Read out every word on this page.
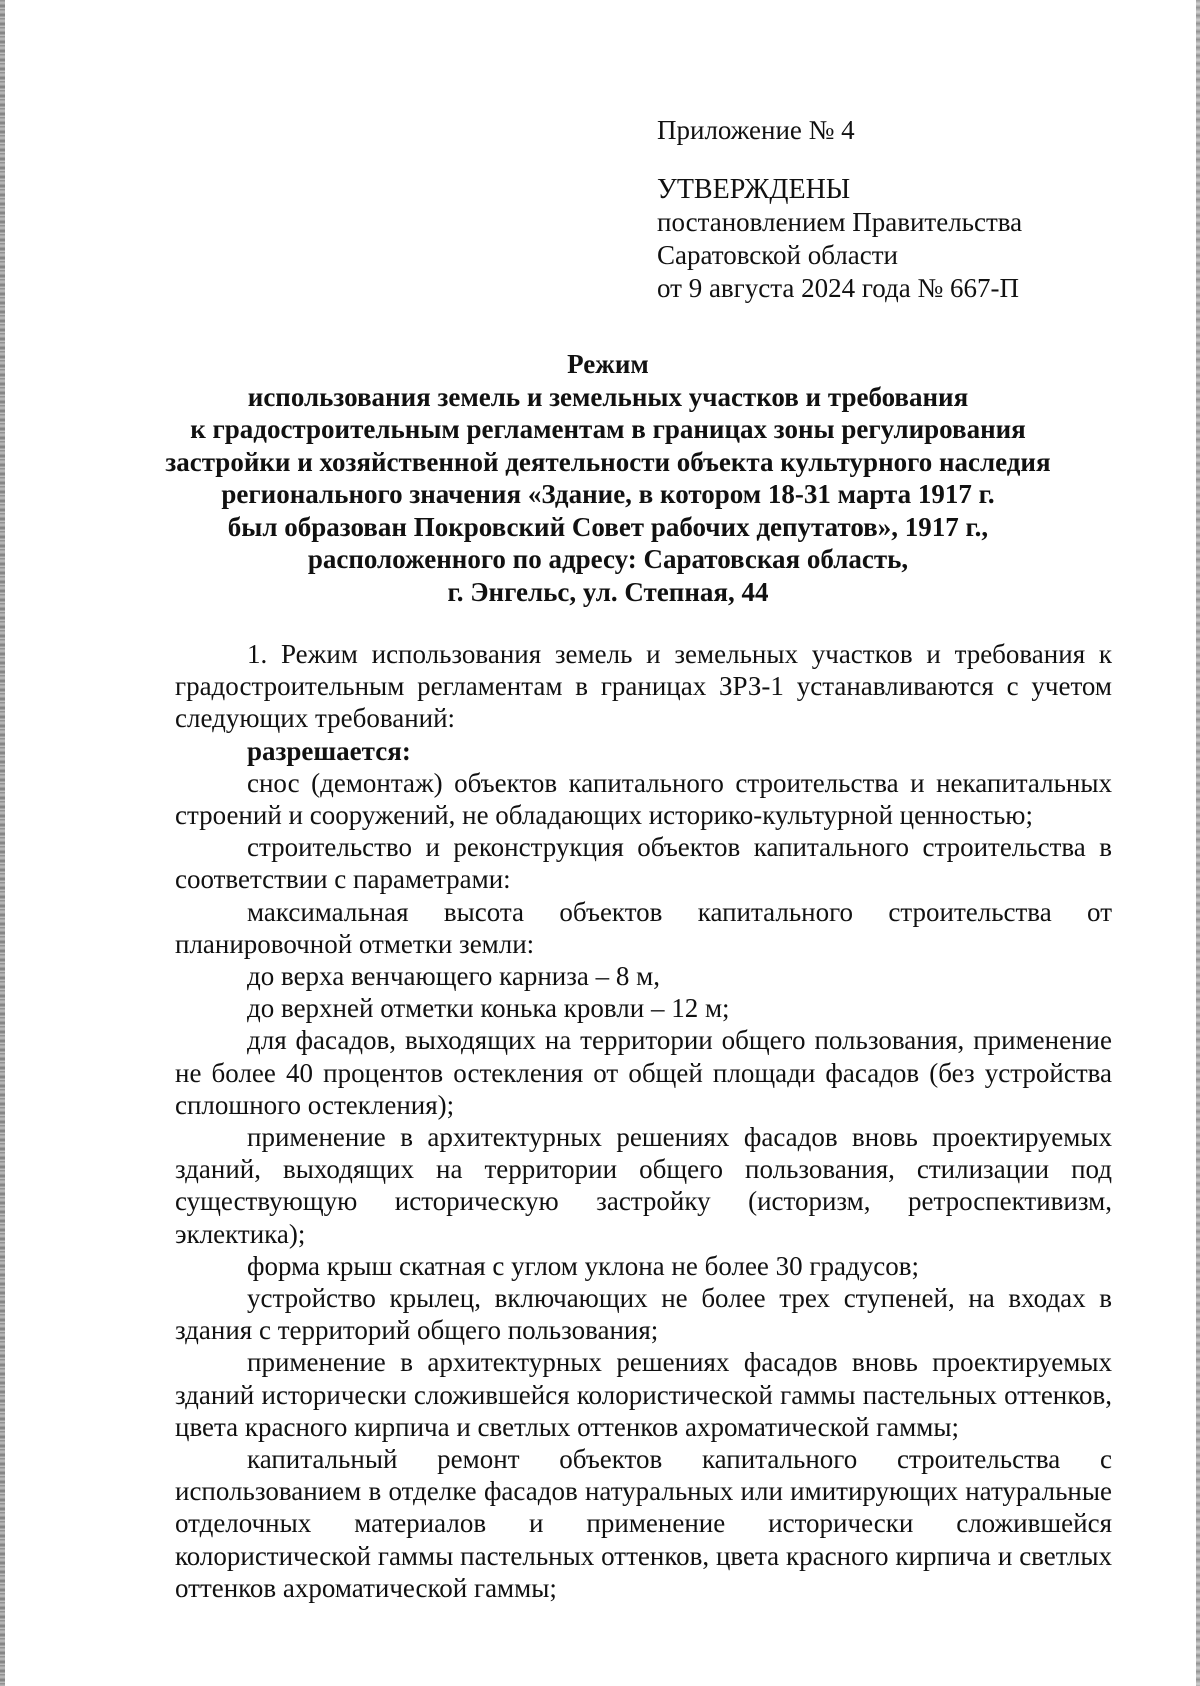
Приложение № 4
УТВЕРЖДЕНЫ
постановлением Правительства
Саратовской области
от 9 августа 2024 года № 667-П
Режим
использования земель и земельных участков и требования
к градостроительным регламентам в границах зоны регулирования
застройки и хозяйственной деятельности объекта культурного наследия
регионального значения «Здание, в котором 18-31 марта 1917 г.
был образован Покровский Совет рабочих депутатов», 1917 г.,
расположенного по адресу: Саратовская область,
г. Энгельс, ул. Степная, 44

1. Режим использования земель и земельных участков и требования к градостроительным регламентам в границах ЗРЗ-1 устанавливаются с учетом следующих требований:

разрешается:

снос (демонтаж) объектов капитального строительства и некапитальных строений и сооружений, не обладающих историко-культурной ценностью;

строительство и реконструкция объектов капитального строительства в соответствии с параметрами:

максимальная высота объектов капитального строительства от планировочной отметки земли:

до верха венчающего карниза – 8 м,

до верхней отметки конька кровли – 12 м;

для фасадов, выходящих на территории общего пользования, применение не более 40 процентов остекления от общей площади фасадов (без устройства сплошного остекления);

применение в архитектурных решениях фасадов вновь проектируемых зданий, выходящих на территории общего пользования, стилизации под существующую историческую застройку (историзм, ретроспективизм, эклектика);

форма крыш скатная с углом уклона не более 30 градусов;

устройство крылец, включающих не более трех ступеней, на входах в здания с территорий общего пользования;

применение в архитектурных решениях фасадов вновь проектируемых зданий исторически сложившейся колористической гаммы пастельных оттенков, цвета красного кирпича и светлых оттенков ахроматической гаммы;

капитальный ремонт объектов капитального строительства с использованием в отделке фасадов натуральных или имитирующих натуральные отделочных материалов и применение исторически сложившейся колористической гаммы пастельных оттенков, цвета красного кирпича и светлых оттенков ахроматической гаммы;
